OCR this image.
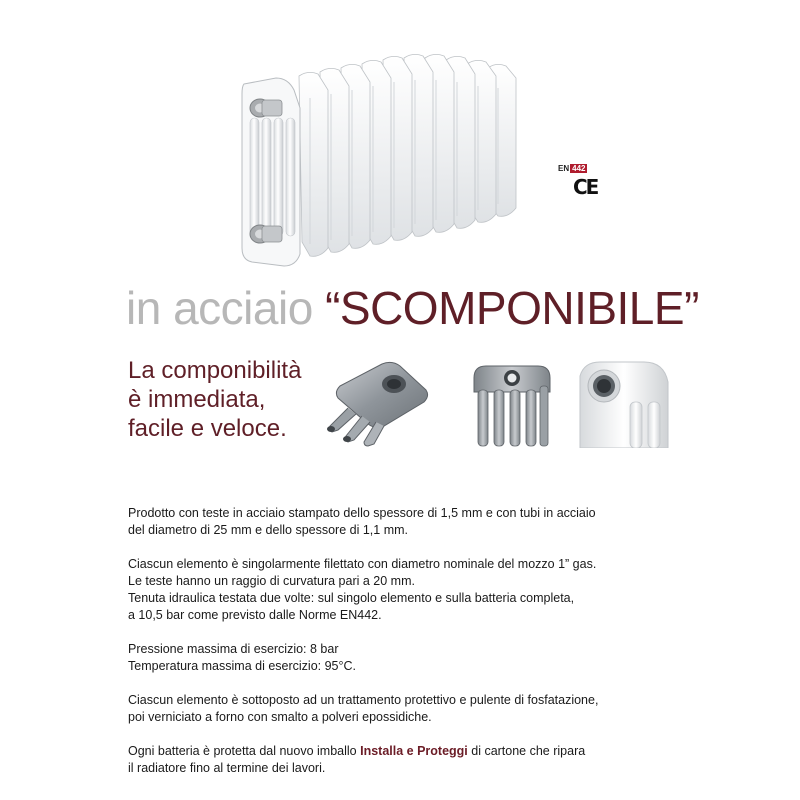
EN 442
CE
in acciaio “SCOMPONIBILE”
La componibilità
è immediata,
facile e veloce.

Prodotto con teste in acciaio stampato dello spessore di 1,5 mm e con tubi in acciaio
del diametro di 25 mm e dello spessore di 1,1 mm.

Ciascun elemento è singolarmente filettato con diametro nominale del mozzo 1” gas.
Le teste hanno un raggio di curvatura pari a 20 mm.
Tenuta idraulica testata due volte: sul singolo elemento e sulla batteria completa,
a 10,5 bar come previsto dalle Norme EN442.

Pressione massima di esercizio: 8 bar
Temperatura massima di esercizio: 95°C.

Ciascun elemento è sottoposto ad un trattamento protettivo e pulente di fosfatazione,
poi verniciato a forno con smalto a polveri epossidiche.

Ogni batteria è protetta dal nuovo imballo Installa e Proteggi di cartone che ripara
il radiatore fino al termine dei lavori.
